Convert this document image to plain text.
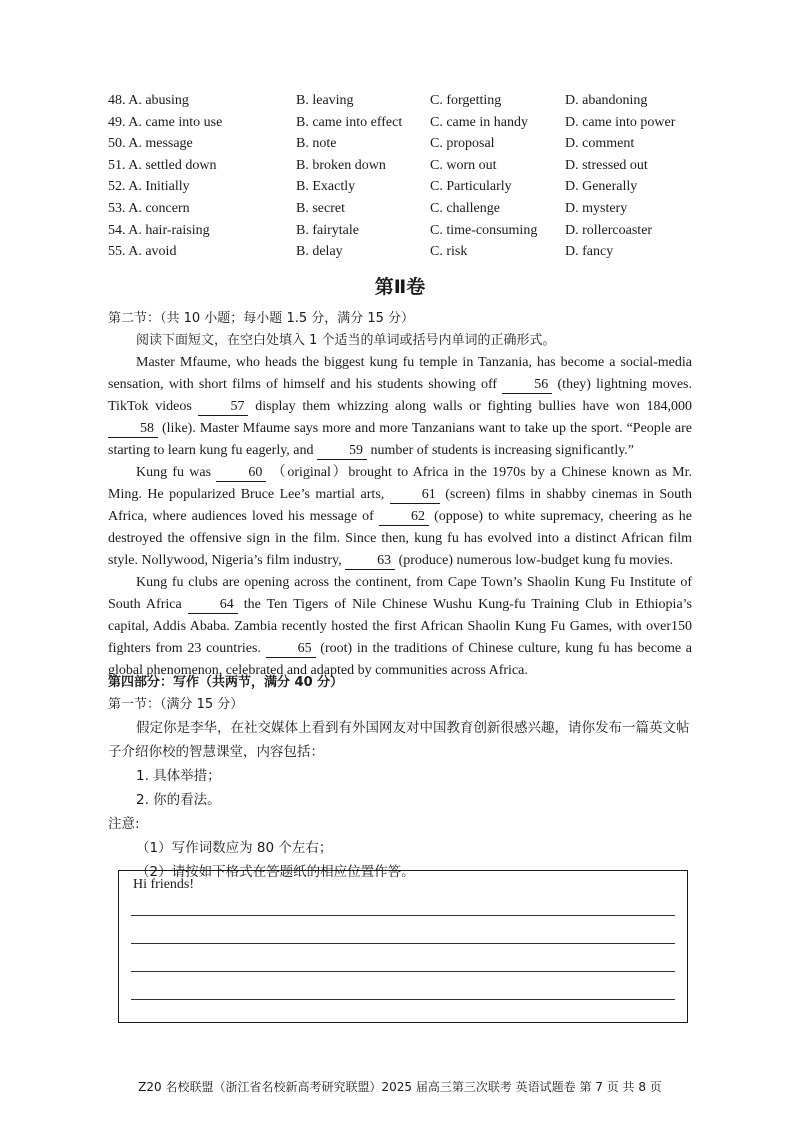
48. A. abusing	B. leaving	C. forgetting	D. abandoning
49. A. came into use	B. came into effect C. came in handy	D. came into power
50. A. message	B. note	C. proposal	D. comment
51. A. settled down	B. broken down	C. worn out	D. stressed out
52. A. Initially	B. Exactly	C. Particularly	D. Generally
53. A. concern	B. secret	C. challenge	D. mystery
54. A. hair-raising	B. fairytale	C. time-consuming D. rollercoaster
55. A. avoid	B. delay	C. risk	D. fancy
第Ⅱ卷
第二节：（共 10 小题；每小题 1.5 分，满分 15 分）
阅读下面短文，在空白处填入 1 个适当的单词或括号内单词的正确形式。

Master Mfaume, who heads the biggest kung fu temple in Tanzania, has become a social-media sensation, with short films of himself and his students showing off 56 (they) lightning moves. TikTok videos 57 display them whizzing along walls or fighting bullies have won 184,000 58 (like). Master Mfaume says more and more Tanzanians want to take up the sport. “People are starting to learn kung fu eagerly, and 59 number of students is increasing significantly.”

Kung fu was 60 （original）brought to Africa in the 1970s by a Chinese known as Mr. Ming. He popularized Bruce Lee’s martial arts, 61 (screen) films in shabby cinemas in South Africa, where audiences loved his message of 62 (oppose) to white supremacy, cheering as he destroyed the offensive sign in the film. Since then, kung fu has evolved into a distinct African film style. Nollywood, Nigeria’s film industry, 63 (produce) numerous low-budget kung fu movies.

Kung fu clubs are opening across the continent, from Cape Town’s Shaolin Kung Fu Institute of South Africa 64 the Ten Tigers of Nile Chinese Wushu Kung-fu Training Club in Ethiopia’s capital, Addis Ababa. Zambia recently hosted the first African Shaolin Kung Fu Games, with over150 fighters from 23 countries. 65 (root) in the traditions of Chinese culture, kung fu has become a global phenomenon, celebrated and adapted by communities across Africa.

第四部分：写作（共两节，满分 40 分）
第一节：（满分 15 分）
假定你是李华，在社交媒体上看到有外国网友对中国教育创新很感兴趣，请你发布一篇英文帖子介绍你校的智慧课堂，内容包括：
1. 具体举措；
2. 你的看法。
注意:
（1）写作词数应为 80 个左右；
（2）请按如下格式在答题纸的相应位置作答。
Hi friends!
Z20 名校联盟（浙江省名校新高考研究联盟）2025 届高三第三次联考 英语试题卷 第 7 页 共 8 页
